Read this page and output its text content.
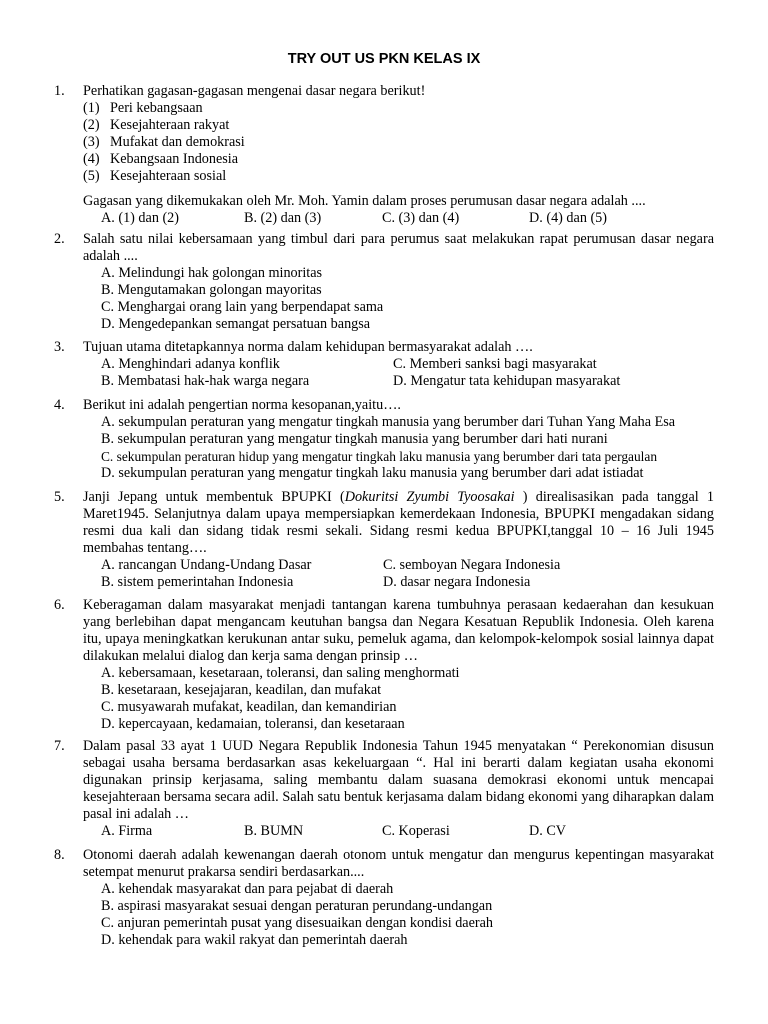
TRY OUT US PKN KELAS IX
1.	Perhatikan gagasan-gagasan mengenai dasar negara berikut!
(1) Peri kebangsaan
(2) Kesejahteraan rakyat
(3) Mufakat dan demokrasi
(4) Kebangsaan Indonesia
(5) Kesejahteraan sosial
Gagasan yang dikemukakan oleh Mr. Moh. Yamin dalam proses perumusan dasar negara adalah ....
A. (1) dan (2)	B. (2) dan (3)	C. (3) dan (4)	D. (4) dan (5)
2.	Salah satu nilai kebersamaan yang timbul dari para perumus saat melakukan rapat perumusan dasar negara adalah ....
A. Melindungi hak golongan minoritas
B. Mengutamakan golongan mayoritas
C. Menghargai orang lain yang berpendapat sama
D. Mengedepankan semangat persatuan bangsa
3.	Tujuan utama ditetapkannya norma dalam kehidupan bermasyarakat adalah ….
A. Menghindari adanya konflik	C. Memberi sanksi bagi masyarakat
B. Membatasi hak-hak warga negara	D. Mengatur tata kehidupan masyarakat
4.	Berikut ini adalah pengertian norma kesopanan,yaitu….
A. sekumpulan peraturan yang mengatur tingkah manusia yang berumber dari Tuhan Yang Maha Esa
B. sekumpulan peraturan yang mengatur tingkah manusia yang berumber dari hati nurani
C. sekumpulan peraturan hidup yang mengatur tingkah laku manusia yang berumber dari tata pergaulan
D. sekumpulan peraturan yang mengatur tingkah laku manusia yang berumber dari adat istiadat
5.	Janji Jepang untuk membentuk BPUPKI (Dokuritsi Zyumbi Tyoosakai ) direalisasikan pada tanggal 1 Maret1945. Selanjutnya dalam upaya mempersiapkan kemerdekaan Indonesia, BPUPKI mengadakan sidang resmi dua kali dan sidang tidak resmi sekali. Sidang resmi kedua BPUPKI,tanggal 10 – 16 Juli 1945 membahas tentang….
A. rancangan Undang-Undang Dasar	C. semboyan Negara Indonesia
B. sistem pemerintahan Indonesia	D. dasar negara Indonesia
6.	Keberagaman dalam masyarakat menjadi tantangan karena tumbuhnya perasaan kedaerahan dan kesukuan yang berlebihan dapat mengancam keutuhan bangsa dan Negara Kesatuan Republik Indonesia. Oleh karena itu, upaya meningkatkan kerukunan antar suku, pemeluk agama, dan kelompok-kelompok sosial lainnya dapat dilakukan melalui dialog dan kerja sama dengan prinsip …
A. kebersamaan, kesetaraan, toleransi, dan saling menghormati
B. kesetaraan, kesejajaran, keadilan, dan mufakat
C. musyawarah mufakat, keadilan, dan kemandirian
D. kepercayaan, kedamaian, toleransi, dan kesetaraan
7.	Dalam pasal 33 ayat 1 UUD Negara Republik Indonesia Tahun 1945 menyatakan “ Perekonomian disusun sebagai usaha bersama berdasarkan asas kekeluargaan “. Hal ini berarti dalam kegiatan usaha ekonomi digunakan prinsip kerjasama, saling membantu dalam suasana demokrasi ekonomi untuk mencapai kesejahteraan bersama secara adil. Salah satu bentuk kerjasama dalam bidang ekonomi yang diharapkan dalam pasal ini adalah …
A. Firma	B. BUMN	C. Koperasi	D. CV
8.	Otonomi daerah adalah kewenangan daerah otonom untuk mengatur dan mengurus kepentingan masyarakat setempat menurut prakarsa sendiri berdasarkan....
A. kehendak masyarakat dan para pejabat di daerah
B. aspirasi masyarakat sesuai dengan peraturan perundang-undangan
C. anjuran pemerintah pusat yang disesuaikan dengan kondisi daerah
D. kehendak para wakil rakyat dan pemerintah daerah
